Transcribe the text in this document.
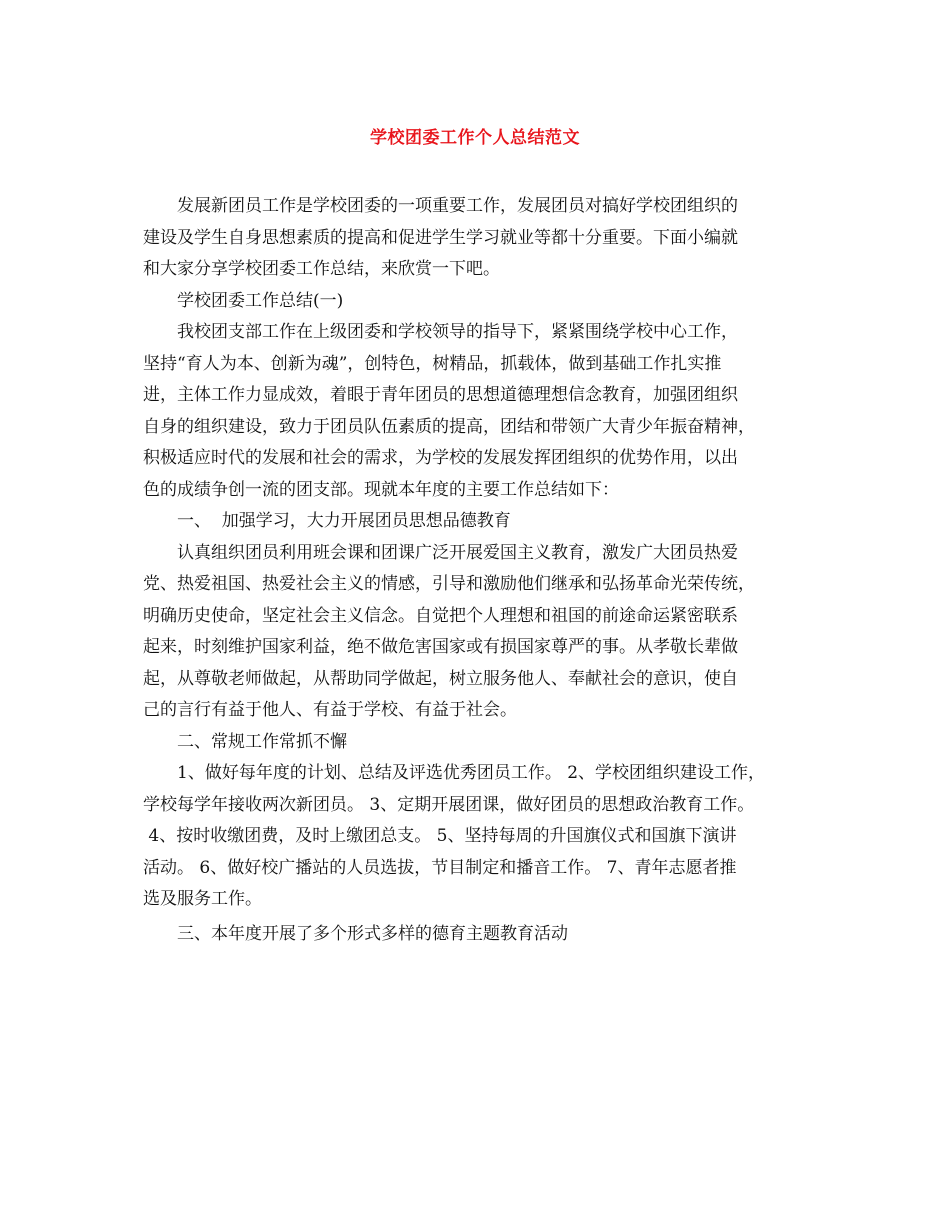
学校团委工作个人总结范文
发展新团员工作是学校团委的一项重要工作，发展团员对搞好学校团组织的
建设及学生自身思想素质的提高和促进学生学习就业等都十分重要。下面小编就
和大家分享学校团委工作总结，来欣赏一下吧。
学校团委工作总结(一)
我校团支部工作在上级团委和学校领导的指导下，紧紧围绕学校中心工作，
坚持“育人为本、创新为魂”，创特色，树精品，抓载体，做到基础工作扎实推
进，主体工作力显成效，着眼于青年团员的思想道德理想信念教育，加强团组织
自身的组织建设，致力于团员队伍素质的提高，团结和带领广大青少年振奋精神，
积极适应时代的发展和社会的需求，为学校的发展发挥团组织的优势作用，以出
色的成绩争创一流的团支部。现就本年度的主要工作总结如下：
一、  加强学习，大力开展团员思想品德教育
认真组织团员利用班会课和团课广泛开展爱国主义教育，激发广大团员热爱
党、热爱祖国、热爱社会主义的情感，引导和激励他们继承和弘扬革命光荣传统，
明确历史使命，坚定社会主义信念。自觉把个人理想和祖国的前途命运紧密联系
起来，时刻维护国家利益，绝不做危害国家或有损国家尊严的事。从孝敬长辈做
起，从尊敬老师做起，从帮助同学做起，树立服务他人、奉献社会的意识，使自
己的言行有益于他人、有益于学校、有益于社会。
二、常规工作常抓不懈
1、做好每年度的计划、总结及评选优秀团员工作。 2、学校团组织建设工作，
学校每学年接收两次新团员。 3、定期开展团课，做好团员的思想政治教育工作。
4、按时收缴团费，及时上缴团总支。 5、坚持每周的升国旗仪式和国旗下演讲
活动。 6、做好校广播站的人员选拔，节目制定和播音工作。 7、青年志愿者推
选及服务工作。
三、本年度开展了多个形式多样的德育主题教育活动
